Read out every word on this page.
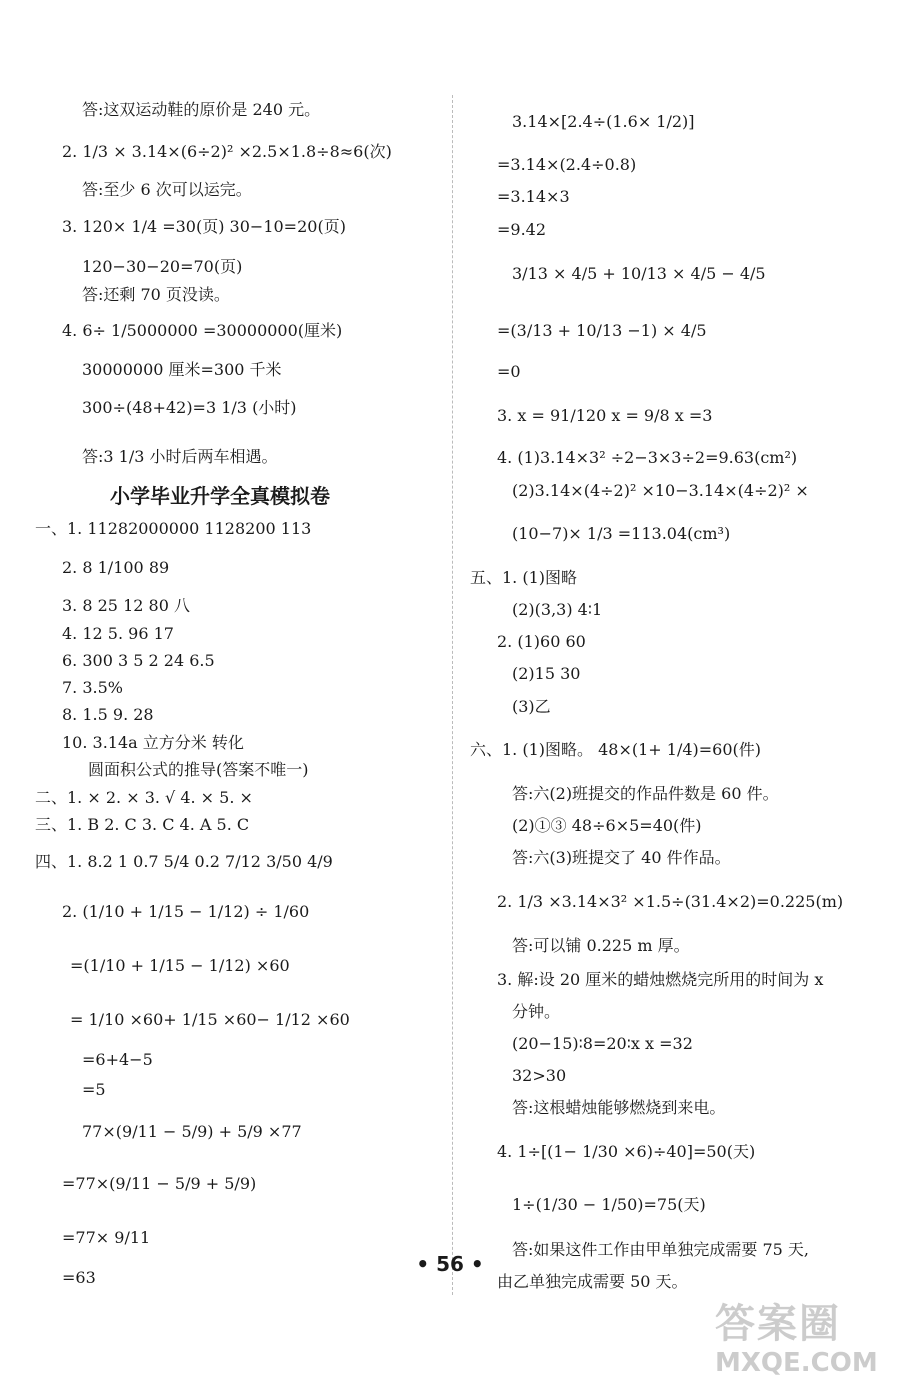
答:这双运动鞋的原价是 240 元。
2. 1/3 × 3.14×(6÷2)² ×2.5×1.8÷8≈6(次)
答:至少 6 次可以运完。
3. 120× 1/4 =30(页) 30−10=20(页)
120−30−20=70(页)
答:还剩 70 页没读。
4. 6÷ 1/5000000 =30000000(厘米)
30000000 厘米=300 千米
300÷(48+42)=3 1/3 (小时)
答:3 1/3 小时后两车相遇。
小学毕业升学全真模拟卷
一、1. 11282000000 1128200 113
2. 8 1/100 89
3. 8 25 12 80 八
4. 12 5. 96 17
6. 300 3 5 2 24 6.5
7. 3.5%
8. 1.5 9. 28
10. 3.14a 立方分米 转化
圆面积公式的推导(答案不唯一)
二、1. × 2. × 3. √ 4. × 5. ×
三、1. B 2. C 3. C 4. A 5. C
四、1. 8.2 1 0.7 5/4 0.2 7/12 3/50 4/9
2. (1/10 + 1/15 − 1/12) ÷ 1/60
=(1/10 + 1/15 − 1/12) ×60
= 1/10 ×60+ 1/15 ×60− 1/12 ×60
=6+4−5
=5
77×(9/11 − 5/9) + 5/9 ×77
=77×(9/11 − 5/9 + 5/9)
=77× 9/11
=63
3.14×[2.4÷(1.6× 1/2)]
=3.14×(2.4÷0.8)
=3.14×3
=9.42
3/13 × 4/5 + 10/13 × 4/5 − 4/5
=(3/13 + 10/13 −1) × 4/5
=0
3. x = 91/120 x = 9/8 x =3
4. (1)3.14×3² ÷2−3×3÷2=9.63(cm²)
(2)3.14×(4÷2)² ×10−3.14×(4÷2)² ×
(10−7)× 1/3 =113.04(cm³)
五、1. (1)图略
(2)(3,3) 4∶1
2. (1)60 60
(2)15 30
(3)乙
六、1. (1)图略。 48×(1+ 1/4)=60(件)
答:六(2)班提交的作品件数是 60 件。
(2)①③ 48÷6×5=40(件)
答:六(3)班提交了 40 件作品。
2. 1/3 ×3.14×3² ×1.5÷(31.4×2)=0.225(m)
答:可以铺 0.225 m 厚。
3. 解:设 20 厘米的蜡烛燃烧完所用的时间为 x
分钟。
(20−15)∶8=20∶x x =32
32>30
答:这根蜡烛能够燃烧到来电。
4. 1÷[(1− 1/30 ×6)÷40]=50(天)
1÷(1/30 − 1/50)=75(天)
答:如果这件工作由甲单独完成需要 75 天,
由乙单独完成需要 50 天。
• 56 •
答案圈
MXQE.COM
